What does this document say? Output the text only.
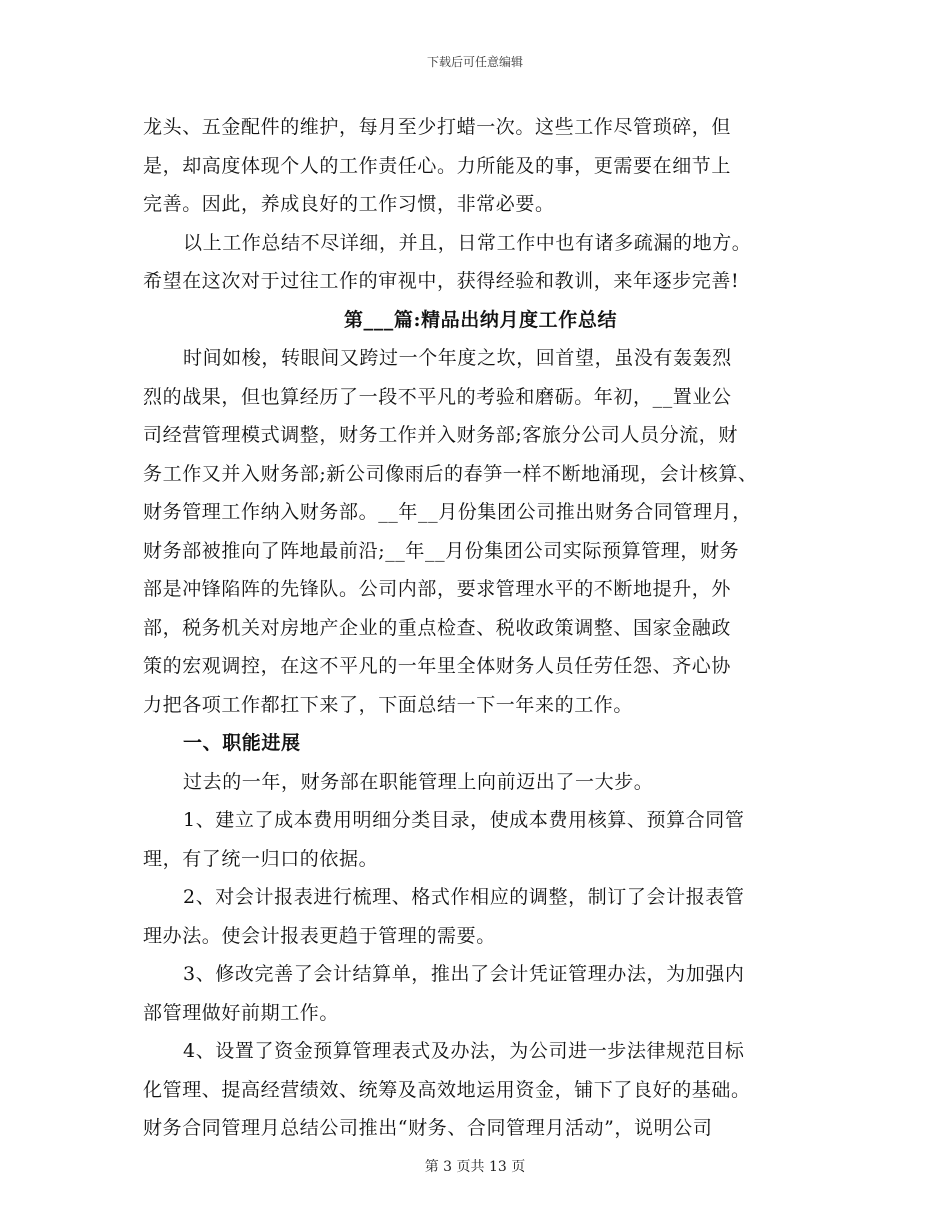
下载后可任意编辑
龙头、五金配件的维护，每月至少打蜡一次。这些工作尽管琐碎，但
是，却高度体现个人的工作责任心。力所能及的事，更需要在细节上
完善。因此，养成良好的工作习惯，非常必要。
以上工作总结不尽详细，并且，日常工作中也有诸多疏漏的地方。
希望在这次对于过往工作的审视中，获得经验和教训，来年逐步完善!
第___篇:精品出纳月度工作总结
时间如梭，转眼间又跨过一个年度之坎，回首望，虽没有轰轰烈
烈的战果，但也算经历了一段不平凡的考验和磨砺。年初，__置业公
司经营管理模式调整，财务工作并入财务部;客旅分公司人员分流，财
务工作又并入财务部;新公司像雨后的春笋一样不断地涌现，会计核算、
财务管理工作纳入财务部。__年__月份集团公司推出财务合同管理月，
财务部被推向了阵地最前沿;__年__月份集团公司实际预算管理，财务
部是冲锋陷阵的先锋队。公司内部，要求管理水平的不断地提升，外
部，税务机关对房地产企业的重点检查、税收政策调整、国家金融政
策的宏观调控，在这不平凡的一年里全体财务人员任劳任怨、齐心协
力把各项工作都扛下来了，下面总结一下一年来的工作。
一、职能进展
过去的一年，财务部在职能管理上向前迈出了一大步。
1、建立了成本费用明细分类目录，使成本费用核算、预算合同管
理，有了统一归口的依据。
2、对会计报表进行梳理、格式作相应的调整，制订了会计报表管
理办法。使会计报表更趋于管理的需要。
3、修改完善了会计结算单，推出了会计凭证管理办法，为加强内
部管理做好前期工作。
4、设置了资金预算管理表式及办法，为公司进一步法律规范目标
化管理、提高经营绩效、统筹及高效地运用资金，铺下了良好的基础。
财务合同管理月总结公司推出“财务、合同管理月活动”，说明公司
第 3 页共 13 页
